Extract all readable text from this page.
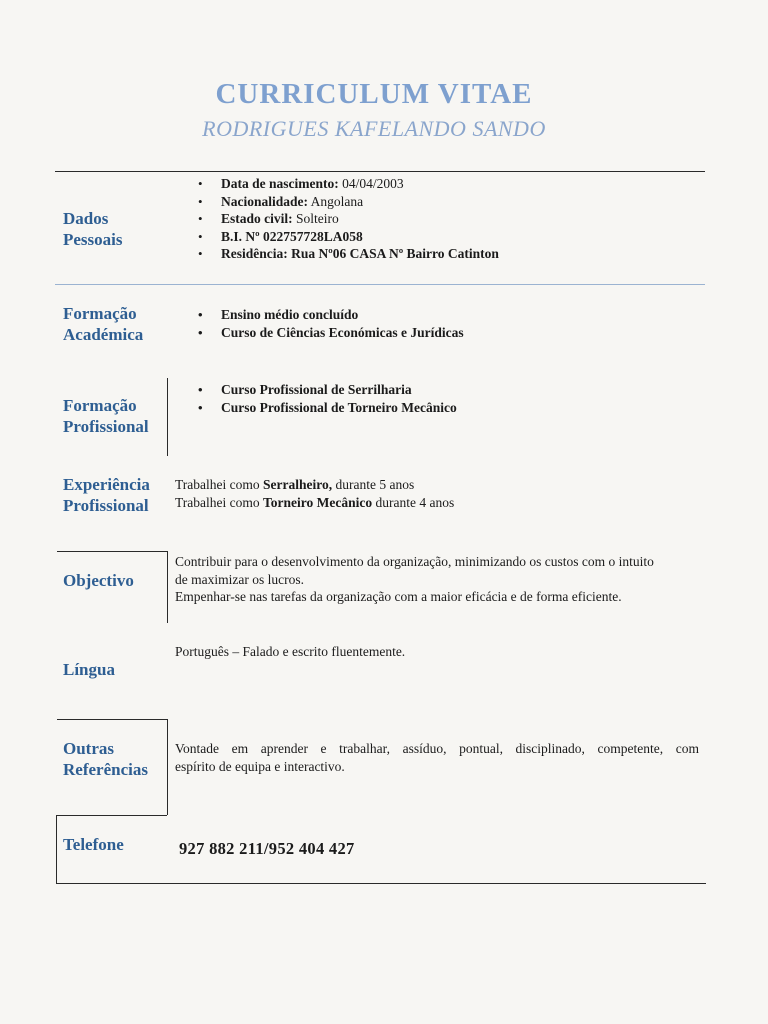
CURRICULUM VITAE
RODRIGUES KAFELANDO SANDO
Dados
Pessoais
• Data de nascimento: 04/04/2003
• Nacionalidade: Angolana
• Estado civil: Solteiro
• B.I. Nº 022757728LA058
• Residência: Rua Nº06 CASA Nº Bairro Catinton
Formação
Académica
• Ensino médio concluído
• Curso de Ciências Económicas e Jurídicas
Formação
Profissional
• Curso Profissional de Serrilharia
• Curso Profissional de Torneiro Mecânico
Experiência
Profissional
Trabalhei como Serralheiro, durante 5 anos
Trabalhei como Torneiro Mecânico durante 4 anos
Objectivo
Contribuir para o desenvolvimento da organização, minimizando os custos com o intuito
de maximizar os lucros.
Empenhar-se nas tarefas da organização com a maior eficácia e de forma eficiente.
Língua
Português – Falado e escrito fluentemente.
Outras
Referências
Vontade em aprender e trabalhar, assíduo, pontual, disciplinado, competente, com
espírito de equipa e interactivo.
Telefone	927 882 211/952 404 427
